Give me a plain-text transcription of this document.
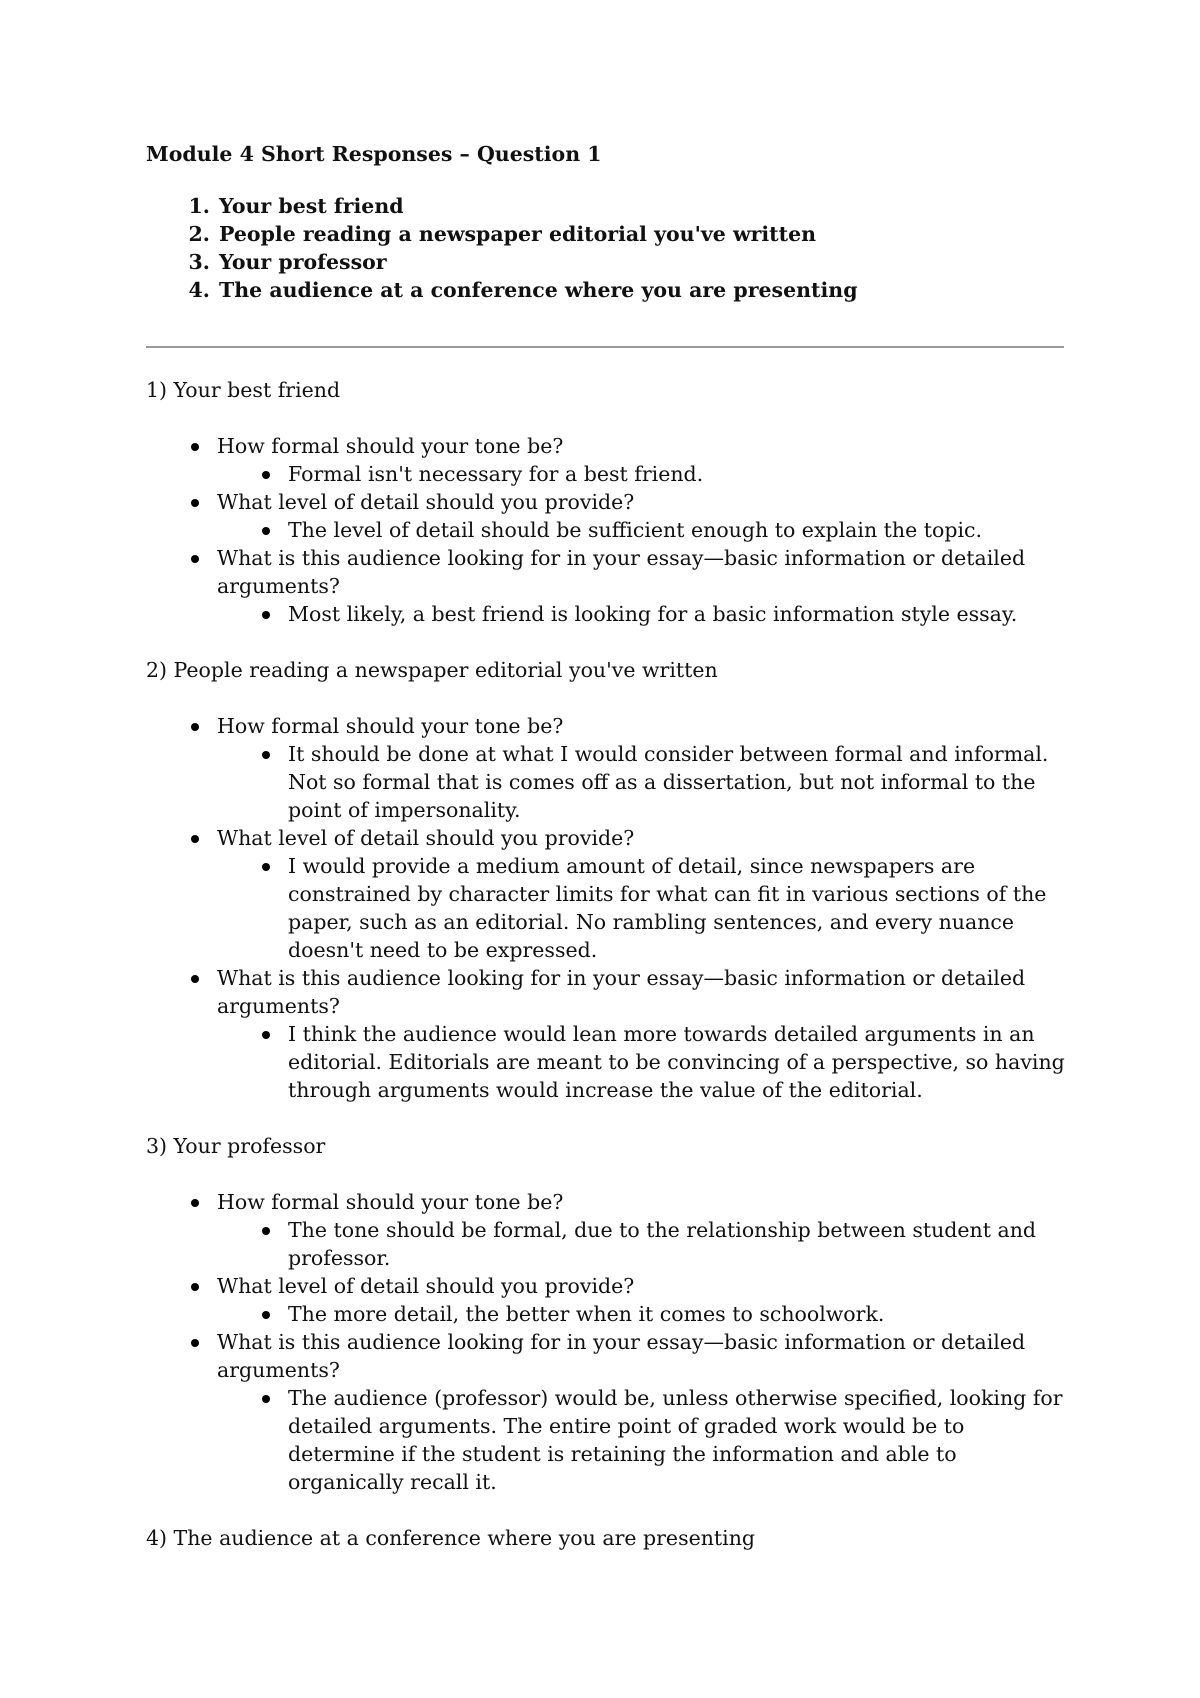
Module 4 Short Responses – Question 1

1. Your best friend
2. People reading a newspaper editorial you've written
3. Your professor
4. The audience at a conference where you are presenting

1) Your best friend

How formal should your tone be?
Formal isn't necessary for a best friend.
What level of detail should you provide?
The level of detail should be sufficient enough to explain the topic.
What is this audience looking for in your essay—basic information or detailed arguments?
Most likely, a best friend is looking for a basic information style essay.

2) People reading a newspaper editorial you've written

How formal should your tone be?
It should be done at what I would consider between formal and informal. Not so formal that is comes off as a dissertation, but not informal to the point of impersonality.
What level of detail should you provide?
I would provide a medium amount of detail, since newspapers are constrained by character limits for what can fit in various sections of the paper, such as an editorial. No rambling sentences, and every nuance doesn't need to be expressed.
What is this audience looking for in your essay—basic information or detailed arguments?
I think the audience would lean more towards detailed arguments in an editorial. Editorials are meant to be convincing of a perspective, so having through arguments would increase the value of the editorial.

3) Your professor

How formal should your tone be?
The tone should be formal, due to the relationship between student and professor.
What level of detail should you provide?
The more detail, the better when it comes to schoolwork.
What is this audience looking for in your essay—basic information or detailed arguments?
The audience (professor) would be, unless otherwise specified, looking for detailed arguments. The entire point of graded work would be to determine if the student is retaining the information and able to organically recall it.

4) The audience at a conference where you are presenting
